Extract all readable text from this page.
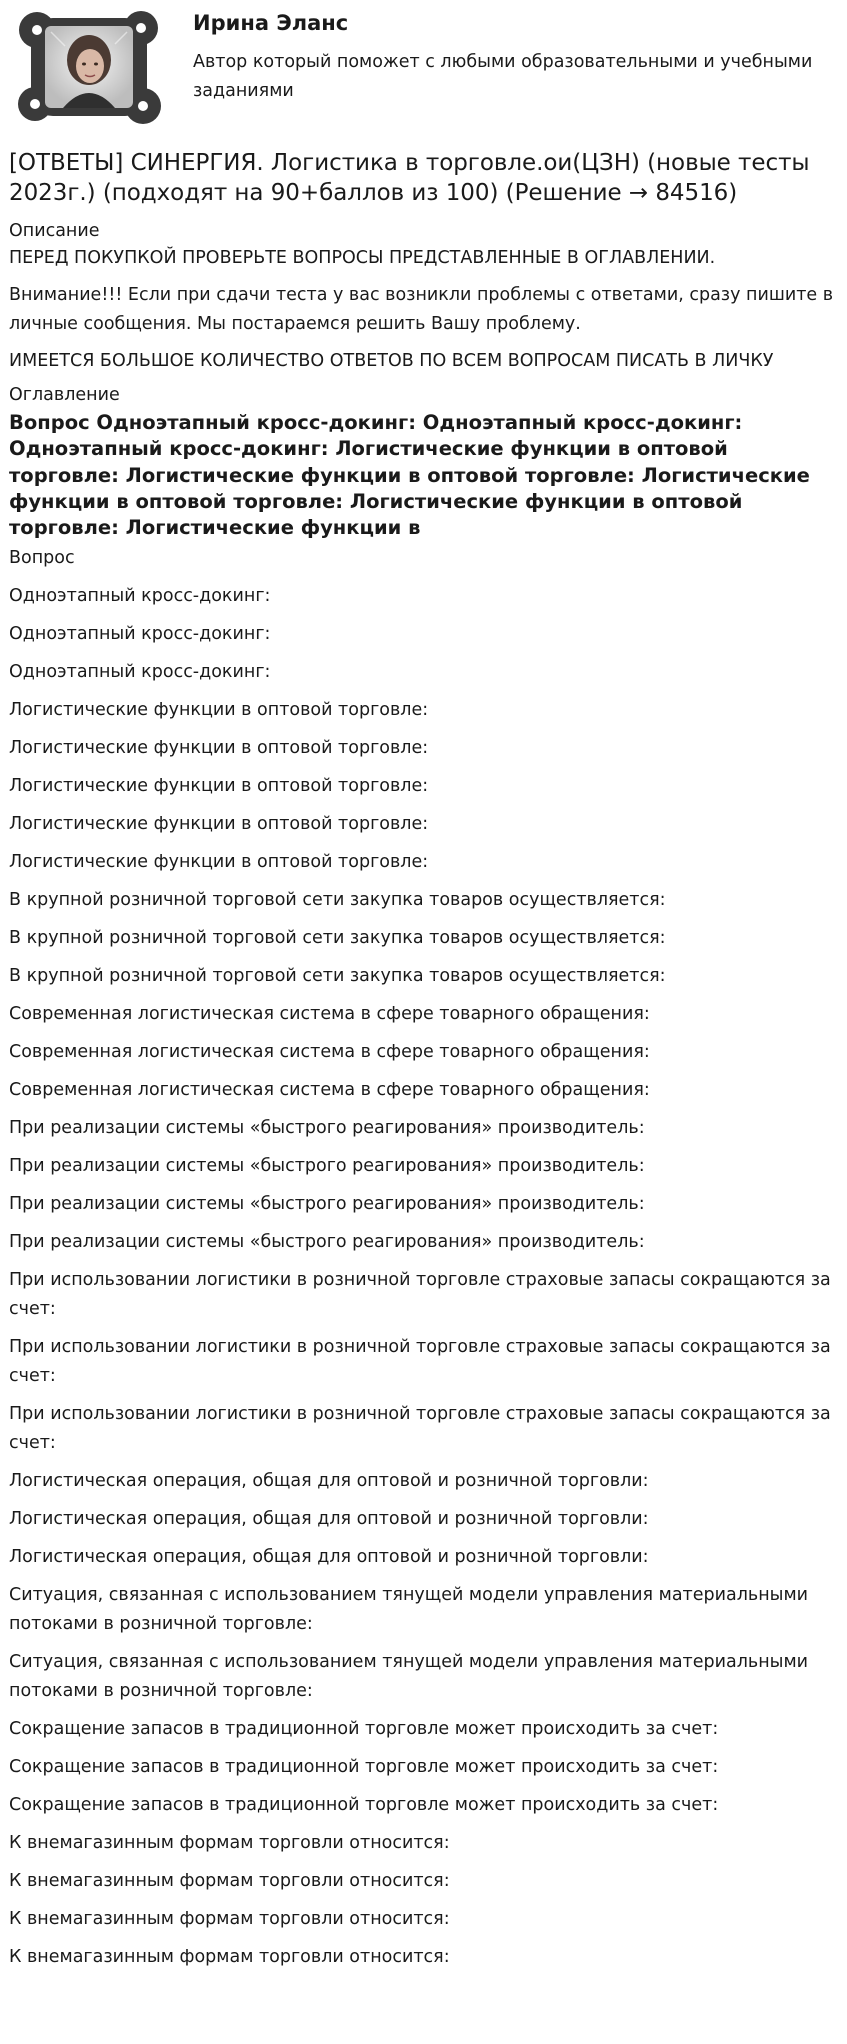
Ирина Эланс

Автор который поможет с любыми образовательными и учебными заданиями

[ОТВЕТЫ] СИНЕРГИЯ. Логистика в торговле.ои(ЦЗН) (новые тесты 2023г.) (подходят на 90+баллов из 100) (Решение → 84516)

Описание

ПЕРЕД ПОКУПКОЙ ПРОВЕРЬТЕ ВОПРОСЫ ПРЕДСТАВЛЕННЫЕ В ОГЛАВЛЕНИИ.

Внимание!!! Если при сдачи теста у вас возникли проблемы с ответами, сразу пишите в личные сообщения. Мы постараемся решить Вашу проблему.

ИМЕЕТСЯ БОЛЬШОЕ КОЛИЧЕСТВО ОТВЕТОВ ПО ВСЕМ ВОПРОСАМ ПИСАТЬ В ЛИЧКУ

Оглавление

Вопрос Одноэтапный кросс-докинг: Одноэтапный кросс-докинг: Одноэтапный кросс-докинг: Логистические функции в оптовой торговле: Логистические функции в оптовой торговле: Логистические функции в оптовой торговле: Логистические функции в оптовой торговле: Логистические функции в

Вопрос

Одноэтапный кросс-докинг:
Одноэтапный кросс-докинг:
Одноэтапный кросс-докинг:
Логистические функции в оптовой торговле:
Логистические функции в оптовой торговле:
Логистические функции в оптовой торговле:
Логистические функции в оптовой торговле:
Логистические функции в оптовой торговле:
В крупной розничной торговой сети закупка товаров осуществляется:
В крупной розничной торговой сети закупка товаров осуществляется:
В крупной розничной торговой сети закупка товаров осуществляется:
Современная логистическая система в сфере товарного обращения:
Современная логистическая система в сфере товарного обращения:
Современная логистическая система в сфере товарного обращения:
При реализации системы «быстрого реагирования» производитель:
При реализации системы «быстрого реагирования» производитель:
При реализации системы «быстрого реагирования» производитель:
При реализации системы «быстрого реагирования» производитель:
При использовании логистики в розничной торговле страховые запасы сокращаются за счет:
При использовании логистики в розничной торговле страховые запасы сокращаются за счет:
При использовании логистики в розничной торговле страховые запасы сокращаются за счет:
Логистическая операция, общая для оптовой и розничной торговли:
Логистическая операция, общая для оптовой и розничной торговли:
Логистическая операция, общая для оптовой и розничной торговли:
Ситуация, связанная с использованием тянущей модели управления материальными потоками в розничной торговле:
Ситуация, связанная с использованием тянущей модели управления материальными потоками в розничной торговле:
Сокращение запасов в традиционной торговле может происходить за счет:
Сокращение запасов в традиционной торговле может происходить за счет:
Сокращение запасов в традиционной торговле может происходить за счет:
К внемагазинным формам торговли относится:
К внемагазинным формам торговли относится:
К внемагазинным формам торговли относится:
К внемагазинным формам торговли относится:
